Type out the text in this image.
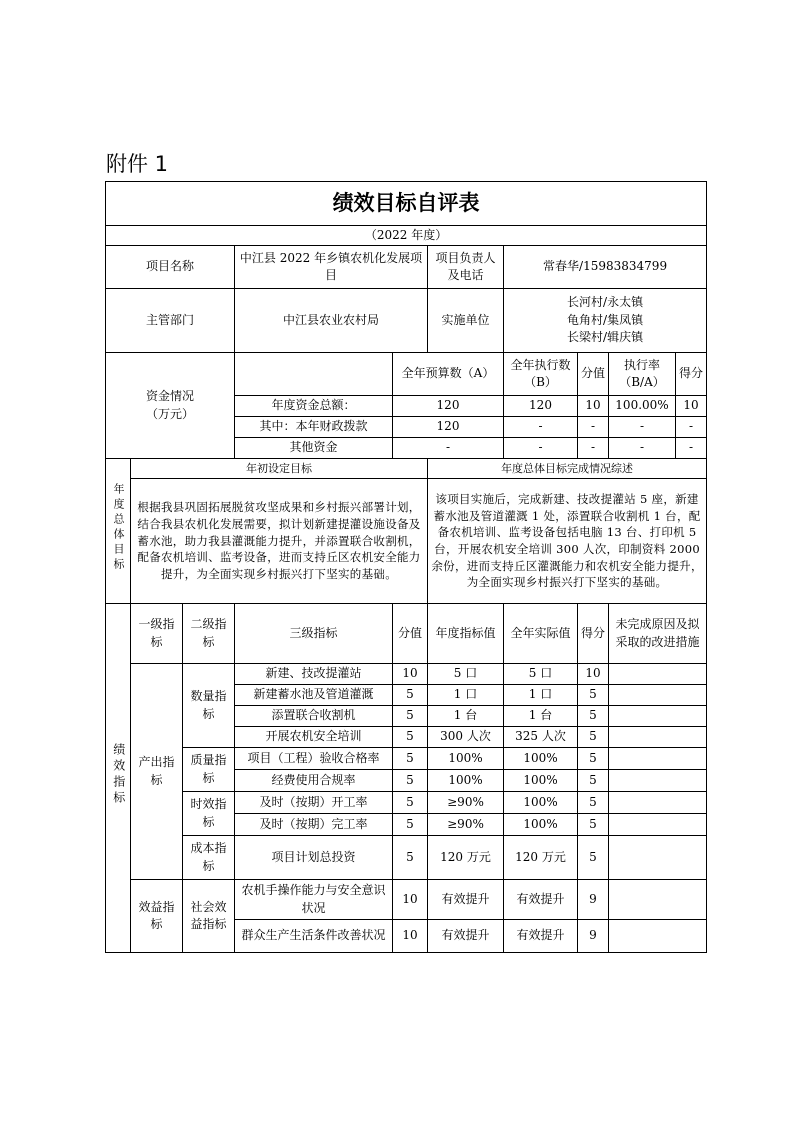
附件 1
绩效目标自评表									
（2022 年度）									
项目名称			中江县 2022 年乡镇农机化发展项目		项目负责人及电话	常春华/15983834799			
主管部门			中江县农业农村局		实施单位	长河村/永太镇
龟角村/集凤镇
长梁村/辑庆镇			

资金情况
（万元）				全年预算数（A）		全年执行数（B）	分值	执行率（B/A）	得分
			年度资金总额：	120		120	10	100.00%	10
			其中：本年财政拨款	120		-	-	-	-
			其他资金	-		-	-	-	-
年度总体目标	年初设定目标				年度总体目标完成情况综述				
	根据我县巩固拓展脱贫攻坚成果和乡村振兴部署计划，结合我县农机化发展需要，拟计划新建提灌设施设备及蓄水池，助力我县灌溉能力提升，并添置联合收割机，配备农机培训、监考设备，进而支持丘区农机安全能力提升，为全面实现乡村振兴打下坚实的基础。				该项目实施后，完成新建、技改提灌站 5 座，新建蓄水池及管道灌溉 1 处，添置联合收割机 1 台，配备农机培训、监考设备包括电脑 13 台、打印机 5 台，开展农机安全培训 300 人次，印制资料 2000 余份，进而支持丘区灌溉能力和农机安全能力提升，为全面实现乡村振兴打下坚实的基础。				
绩效指标	一级指标	二级指标	三级指标	分值	年度指标值	全年实际值	得分	未完成原因及拟采取的改进措施	
	产出指标	数量指标	新建、技改提灌站	10	5 口	5 口	10		
			新建蓄水池及管道灌溉	5	1 口	1 口	5		
			添置联合收割机	5	1 台	1 台	5		
			开展农机安全培训	5	300 人次	325 人次	5		
		质量指标	项目（工程）验收合格率	5	100%	100%	5		
			经费使用合规率	5	100%	100%	5		
		时效指标	及时（按期）开工率	5	≥90%	100%	5		
			及时（按期）完工率	5	≥90%	100%	5		
		成本指标	项目计划总投资	5	120 万元	120 万元	5		
	效益指标	社会效益指标	农机手操作能力与安全意识状况	10	有效提升	有效提升	9		
			群众生产生活条件改善状况	10	有效提升	有效提升	9		
